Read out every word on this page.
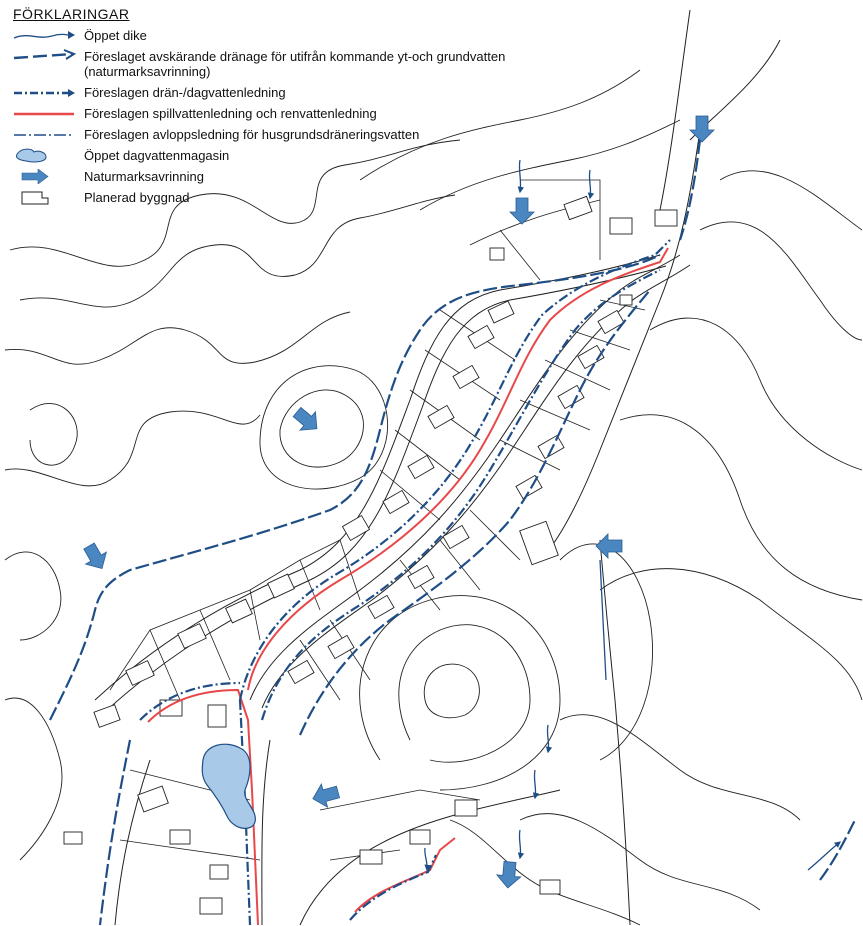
FÖRKLARINGAR
Öppet dike
Föreslaget avskärande dränage för utifrån kommande yt-och grundvatten (naturmarksavrinning)
Föreslagen drän-/dagvattenledning
Föreslagen spillvattenledning och renvattenledning
Föreslagen avloppsledning för husgrundsdräneringsvatten
Öppet dagvattenmagasin
Naturmarksavrinning
Planerad byggnad
